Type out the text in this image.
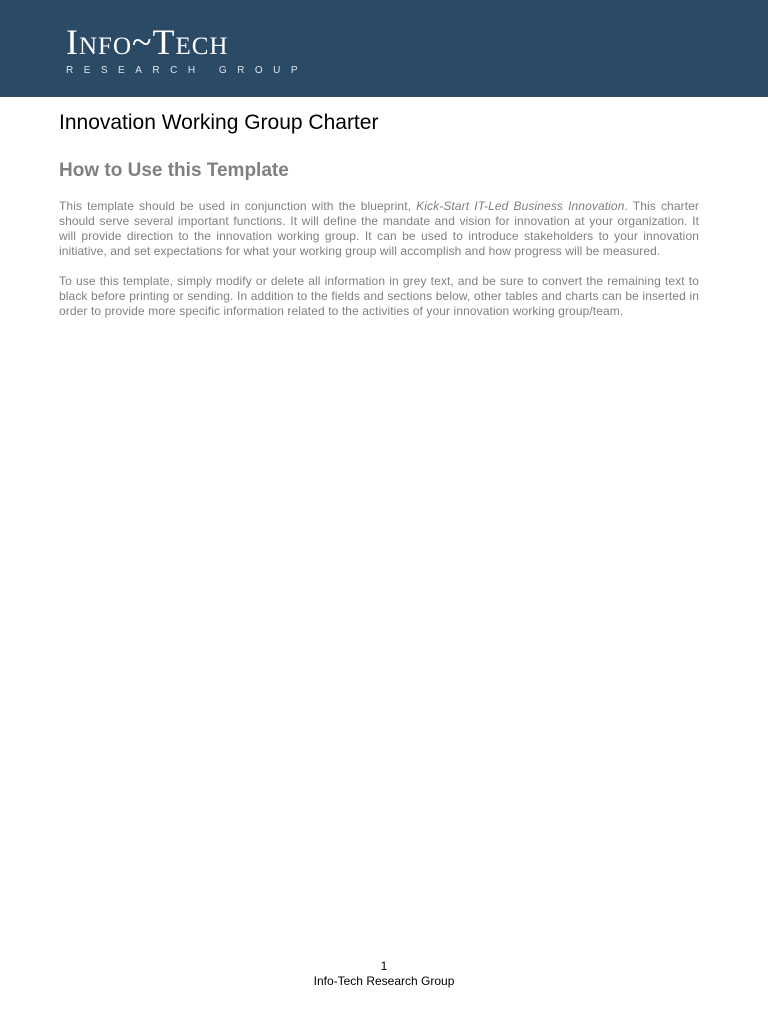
Info~Tech
RESEARCH GROUP
Innovation Working Group Charter
How to Use this Template

This template should be used in conjunction with the blueprint, Kick-Start IT-Led Business Innovation. This charter should serve several important functions. It will define the mandate and vision for innovation at your organization. It will provide direction to the innovation working group. It can be used to introduce stakeholders to your innovation initiative, and set expectations for what your working group will accomplish and how progress will be measured.

To use this template, simply modify or delete all information in grey text, and be sure to convert the remaining text to black before printing or sending. In addition to the fields and sections below, other tables and charts can be inserted in order to provide more specific information related to the activities of your innovation working group/team.

1
Info-Tech Research Group
